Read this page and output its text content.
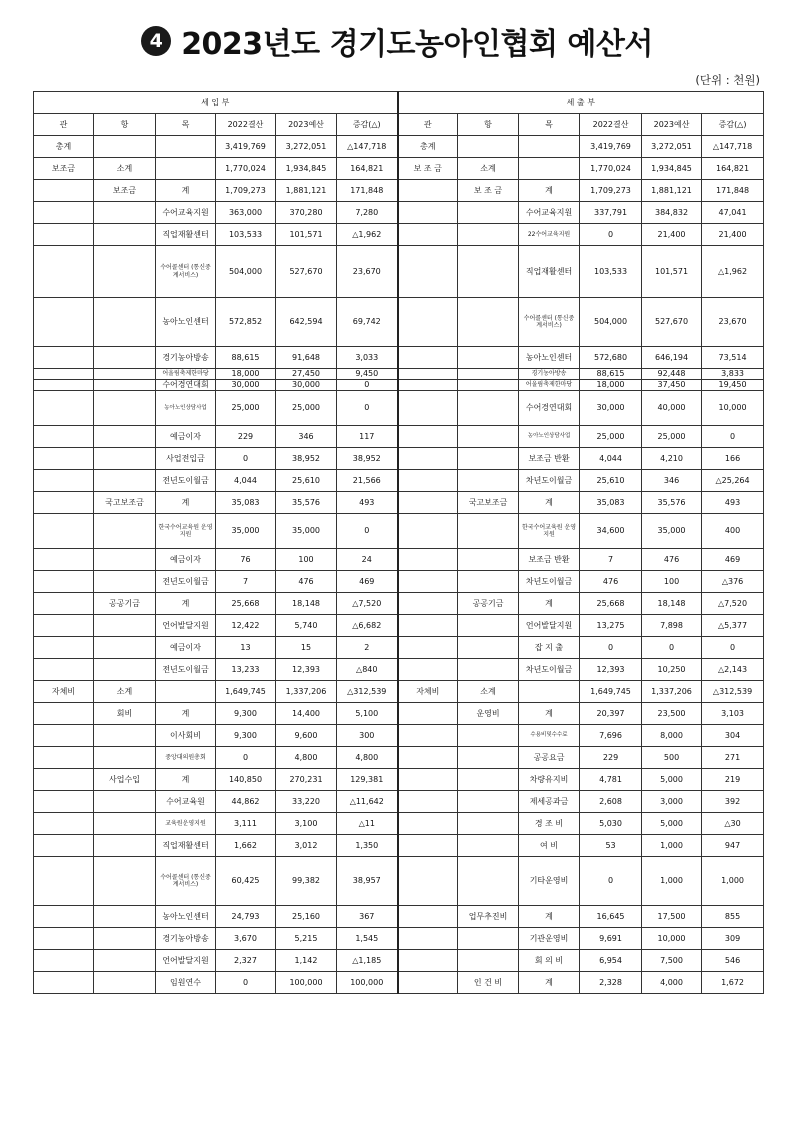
4 2023년도 경기도농아인협회 예산서
(단위 : 천원)
세 입 부						세 출 부					
관	항	목	2022결산	2023예산	증감(△)	관	항	목	2022결산	2023예산	증감(△)
총계			3,419,769	3,272,051	△147,718	총계			3,419,769	3,272,051	△147,718
보조금	소계		1,770,024	1,934,845	164,821	보 조 금	소계		1,770,024	1,934,845	164,821
	보조금	계	1,709,273	1,881,121	171,848		보 조 금	계	1,709,273	1,881,121	171,848
		수어교육지원	363,000	370,280	7,280			수어교육지원	337,791	384,832	47,041
		직업재활센터	103,533	101,571	△1,962			22수어교육지원	0	21,400	21,400
		수어콜센터 (통신중계서비스)	504,000	527,670	23,670			직업재활센터	103,533	101,571	△1,962
		농아노인센터	572,852	642,594	69,742			수어콜센터 (통신중계서비스)	504,000	527,670	23,670
		경기농아방송	88,615	91,648	3,033			농아노인센터	572,680	646,194	73,514
		어울림축제한마당	18,000	27,450	9,450			경기농아방송	88,615	92,448	3,833
		수어경연대회	30,000	30,000	0			어울림축제한마당	18,000	37,450	19,450
		농아노인상담사업	25,000	25,000	0			수어경연대회	30,000	40,000	10,000
		예금이자	229	346	117			농아노인상담사업	25,000	25,000	0
		사업전입금	0	38,952	38,952			보조금 반환	4,044	4,210	166
		전년도이월금	4,044	25,610	21,566			차년도이월금	25,610	346	△25,264
	국고보조금	계	35,083	35,576	493		국고보조금	계	35,083	35,576	493
		한국수어교육원 운영지원	35,000	35,000	0			한국수어교육원 운영지원	34,600	35,000	400
		예금이자	76	100	24			보조금 반환	7	476	469
		전년도이월금	7	476	469			차년도이월금	476	100	△376
	공공기금	계	25,668	18,148	△7,520		공공기금	계	25,668	18,148	△7,520
		언어발달지원	12,422	5,740	△6,682			언어발달지원	13,275	7,898	△5,377
		예금이자	13	15	2			잡 지 출	0	0	0
		전년도이월금	13,233	12,393	△840			차년도이월금	12,393	10,250	△2,143
자체비	소계		1,649,745	1,337,206	△312,539	자체비	소계		1,649,745	1,337,206	△312,539
	회비	계	9,300	14,400	5,100		운영비	계	20,397	23,500	3,103
		이사회비	9,300	9,600	300			수용비및수수료	7,696	8,000	304
		중앙대의원총회	0	4,800	4,800			공공요금	229	500	271
	사업수입	계	140,850	270,231	129,381			차량유지비	4,781	5,000	219
		수어교육원	44,862	33,220	△11,642			제세공과금	2,608	3,000	392
		교육원운영지원	3,111	3,100	△11			경 조 비	5,030	5,000	△30
		직업재활센터	1,662	3,012	1,350			여 비	53	1,000	947
		수어콜센터 (통신중계서비스)	60,425	99,382	38,957			기타운영비	0	1,000	1,000
		농아노인센터	24,793	25,160	367		업무추진비	계	16,645	17,500	855
		경기농아방송	3,670	5,215	1,545			기관운영비	9,691	10,000	309
		언어발달지원	2,327	1,142	△1,185			회 의 비	6,954	7,500	546
		임원연수	0	100,000	100,000		인 건 비	계	2,328	4,000	1,672
